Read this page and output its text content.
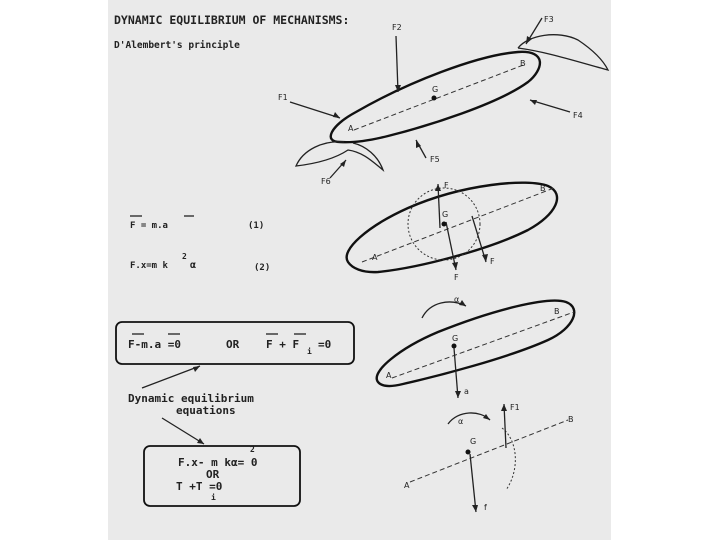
DYNAMIC EQUILIBRIUM OF MECHANISMS:
D'Alembert's principle
A
B
G
F2
F1
F3
F4
F5
F6
F = m.a	(1)
F.x=m k
2
α	(2)
G
A
B
F
F
F
F-m.a =0	OR F + F
i
=0
Dynamic equilibrium
equations
F.x- m kα= 0
2
OR
T +T =0
i
G
A
B
α
a
G
A
B
α
F1
f
